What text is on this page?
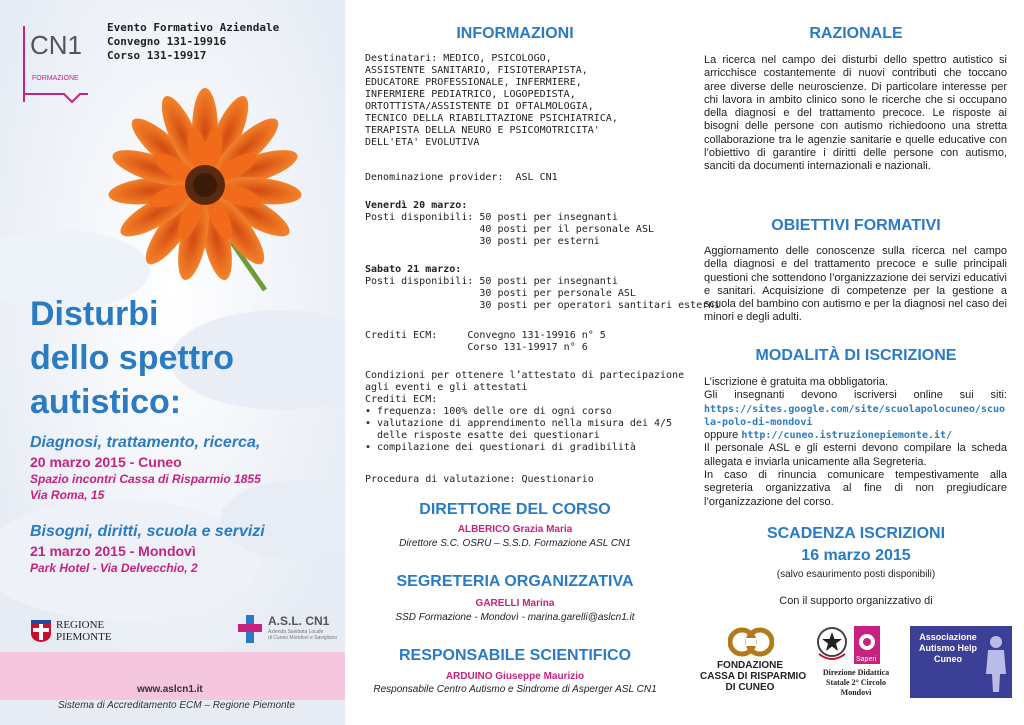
CN1
FORMAZIONE
Evento Formativo Aziendale
Convegno 131-19916
Corso 131-19917
Disturbi
dello spettro
autistico:
Diagnosi, trattamento, ricerca,
20 marzo 2015 - Cuneo
Spazio incontri Cassa di Risparmio 1855
Via Roma, 15
Bisogni, diritti, scuola e servizi
21 marzo 2015 - Mondovì
Park Hotel - Via Delvecchio, 2
REGIONE
PIEMONTE
A.S.L. CN1
Azienda Sanitaria Locale
di Cuneo Mondovì e Savigliano
www.aslcn1.it
Sistema di Accreditamento ECM – Regione Piemonte
INFORMAZIONI
Destinatari: MEDICO, PSICOLOGO,
ASSISTENTE SANITARIO, FISIOTERAPISTA,
EDUCATORE PROFESSIONALE, INFERMIERE,
INFERMIERE PEDIATRICO, LOGOPEDISTA,
ORTOTTISTA/ASSISTENTE DI OFTALMOLOGIA,
TECNICO DELLA RIABILITAZIONE PSICHIATRICA,
TERAPISTA DELLA NEURO E PSICOMOTRICITA'
DELL'ETA' EVOLUTIVA
Denominazione provider:  ASL CN1
Venerdì 20 marzo:
Posti disponibili: 50 posti per insegnanti
40 posti per il personale ASL
30 posti per esterni
Sabato 21 marzo:
Posti disponibili: 50 posti per insegnanti
30 posti per personale ASL
30 posti per operatori santitari esterni
Crediti ECM:     Convegno 131-19916 n° 5
Corso 131-19917 n° 6
Condizioni per ottenere l’attestato di partecipazione
agli eventi e gli attestati
Crediti ECM:
• frequenza: 100% delle ore di ogni corso
• valutazione di apprendimento nella misura dei 4/5
delle risposte esatte dei questionari
• compilazione dei questionari di gradibilità
Procedura di valutazione: Questionario
DIRETTORE DEL CORSO
ALBERICO Grazia Maria
Direttore S.C. OSRU – S.S.D. Formazione ASL CN1
SEGRETERIA ORGANIZZATIVA
GARELLI Marina
SSD Formazione - Mondovì - marina.garelli@aslcn1.it
RESPONSABILE SCIENTIFICO
ARDUINO Giuseppe Maurizio
Responsabile Centro Autismo e Sindrome di Asperger ASL CN1
RAZIONALE
La ricerca nel campo dei disturbi dello spettro autistico si arricchisce costantemente di nuovi contributi che toccano aree diverse delle neuroscienze. Di particolare interesse per chi lavora in ambito clinico sono le ricerche che si occupano della diagnosi e del trattamento precoce. Le risposte ai bisogni delle persone con autismo richiedoono una stretta collaborazione tra le agenzie sanitarie e quelle educative con l’obiettivo di garantire i diritti delle persone con autismo, sanciti da documenti internazionali e nazionali.
OBIETTIVI FORMATIVI
Aggiornamento delle conoscenze sulla ricerca nel campo della diagnosi e del trattamento precoce e sulle principali questioni che sottendono l’organizzazione dei servizi educativi e sanitari. Acquisizione di competenze per la gestione a scuola del bambino con autismo e per la diagnosi nel caso dei minori e degli adulti.
MODALITÀ DI ISCRIZIONE
L’iscrizione è gratuita ma obbligatoria.
Gli insegnanti devono iscriversi online sui siti:
https://sites.google.com/site/scuolapolocuneo/scuola-polo-di-mondovi
oppure http://cuneo.istruzionepiemonte.it/
Il personale ASL e gli esterni devono compilare la scheda allegata e inviarla unicamente alla Segreteria.
In caso di rinuncia comunicare tempestivamente alla segreteria organizzativa al fine di non pregiudicare l’organizzazione del corso.
SCADENZA ISCRIZIONI
16 marzo 2015
(salvo esaurimento posti disponibili)
Con il supporto organizzativo di
FONDAZIONE
CASSA DI RISPARMIO
DI CUNEO
Saperi
Direzione Didattica
Statale 2° Circolo
Mondovì
Associazione
Autismo Help
Cuneo
